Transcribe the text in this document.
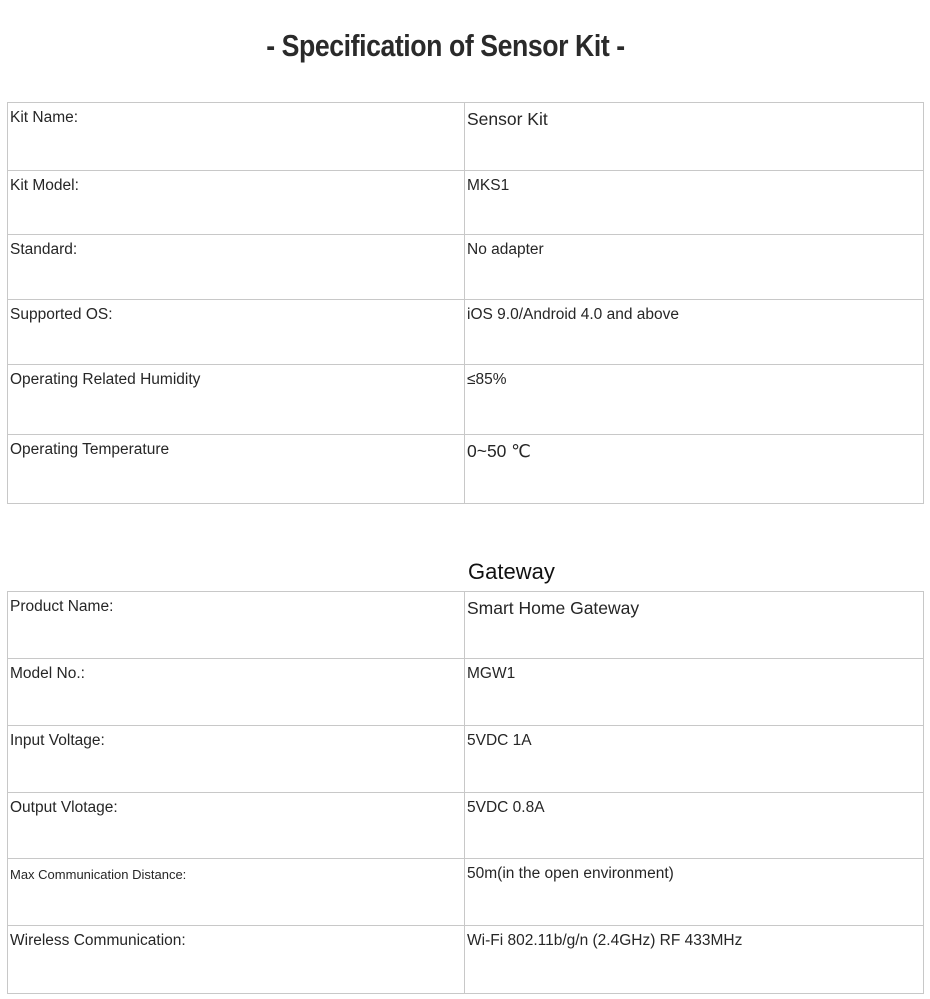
- Specification of Sensor Kit -
Kit Name:	Sensor Kit
Kit Model:	MKS1
Standard:	No adapter
Supported OS:	iOS 9.0/Android 4.0 and above
Operating Related Humidity	≤85%
Operating Temperature	0~50 ℃
Gateway
Product Name:	Smart Home Gateway
Model No.:	MGW1
Input Voltage:	5VDC 1A
Output Vlotage:	5VDC 0.8A
Max Communication Distance:	50m(in the open environment)
Wireless Communication:	Wi-Fi 802.11b/g/n (2.4GHz) RF 433MHz
